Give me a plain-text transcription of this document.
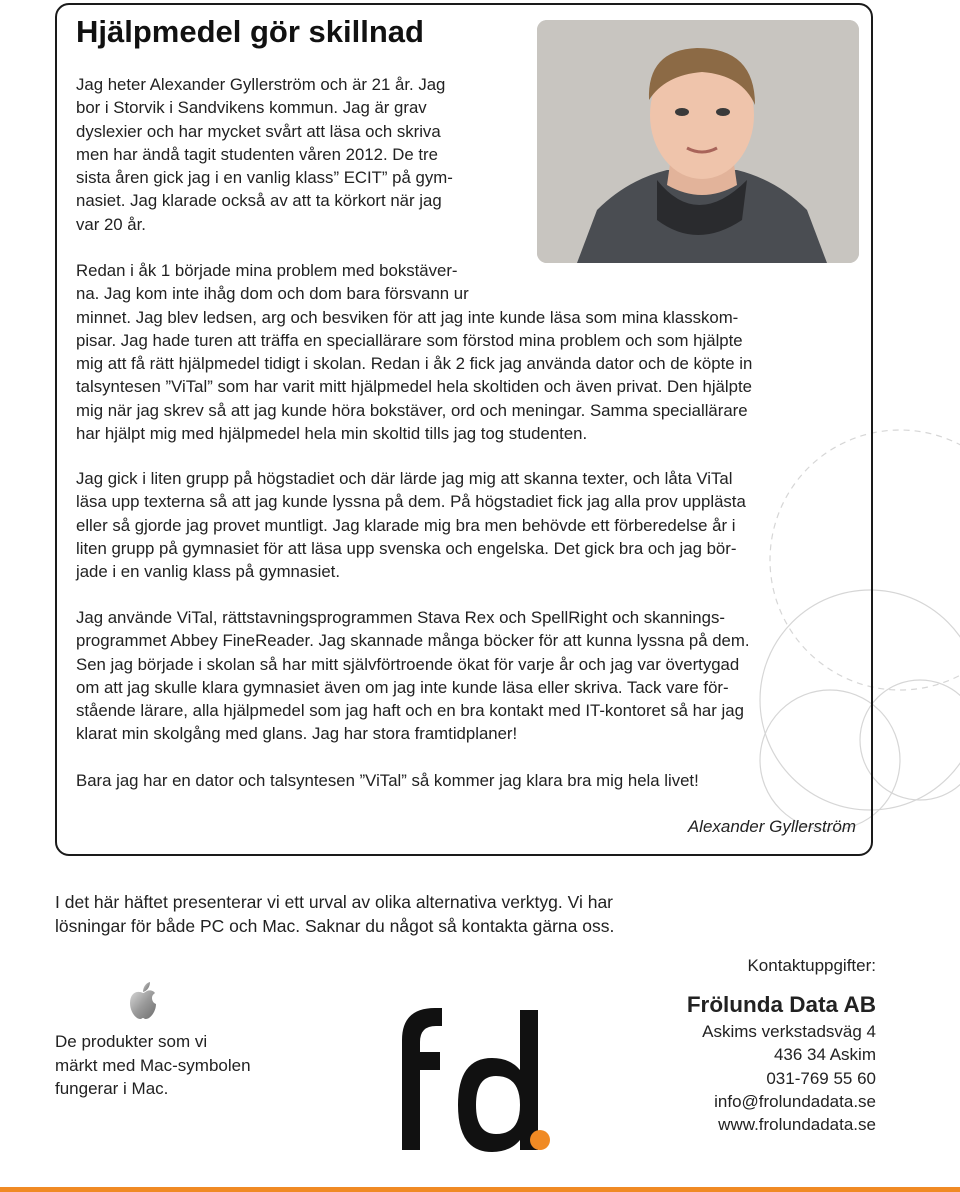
Hjälpmedel gör skillnad
Jag heter Alexander Gyllerström och är 21 år. Jag
bor i Storvik i Sandvikens kommun. Jag är grav
dyslexier och har mycket svårt att läsa och skriva
men har ändå tagit studenten våren 2012. De tre
sista åren gick jag i en vanlig klass” ECIT” på gym-
nasiet. Jag klarade också av att ta körkort när jag
var 20 år.
Redan i åk 1 började mina problem med bokstäver-
na. Jag kom inte ihåg dom och dom bara försvann ur
minnet. Jag blev ledsen, arg och besviken för att jag inte kunde läsa som mina klasskom-
pisar. Jag hade turen att träffa en speciallärare som förstod mina problem och som hjälpte
mig att få rätt hjälpmedel tidigt i skolan. Redan i åk 2 fick jag använda dator och de köpte in
talsyntesen ”ViTal” som har varit mitt hjälpmedel hela skoltiden och även privat. Den hjälpte
mig när jag skrev så att jag kunde höra bokstäver, ord och meningar. Samma speciallärare
har hjälpt mig med hjälpmedel hela min skoltid tills jag tog studenten.
Jag gick i liten grupp på högstadiet och där lärde jag mig att skanna texter, och låta ViTal
läsa upp texterna så att jag kunde lyssna på dem. På högstadiet fick jag alla prov upplästa
eller så gjorde jag provet muntligt. Jag klarade mig bra men behövde ett förberedelse år i
liten grupp på gymnasiet för att läsa upp svenska och engelska. Det gick bra och jag bör-
jade i en vanlig klass på gymnasiet.
Jag använde ViTal, rättstavningsprogrammen Stava Rex och SpellRight och skannings-
programmet Abbey FineReader. Jag skannade många böcker för att kunna lyssna på dem.
Sen jag började i skolan så har mitt självförtroende ökat för varje år och jag var övertygad
om att jag skulle klara gymnasiet även om jag inte kunde läsa eller skriva. Tack vare för-
stående lärare, alla hjälpmedel som jag haft och en bra kontakt med IT-kontoret så har jag
klarat min skolgång med glans. Jag har stora framtidplaner!
Bara jag har en dator och talsyntesen ”ViTal” så kommer jag klara bra mig hela livet!
Alexander Gyllerström
I det här häftet presenterar vi ett urval av olika alternativa verktyg. Vi har
lösningar för både PC och Mac. Saknar du något så kontakta gärna oss.
De produkter som vi
märkt med Mac-symbolen
fungerar i Mac.
Kontaktuppgifter:
Frölunda Data AB
Askims verkstadsväg 4
436 34 Askim
031-769 55 60
info@frolundadata.se
www.frolundadata.se
